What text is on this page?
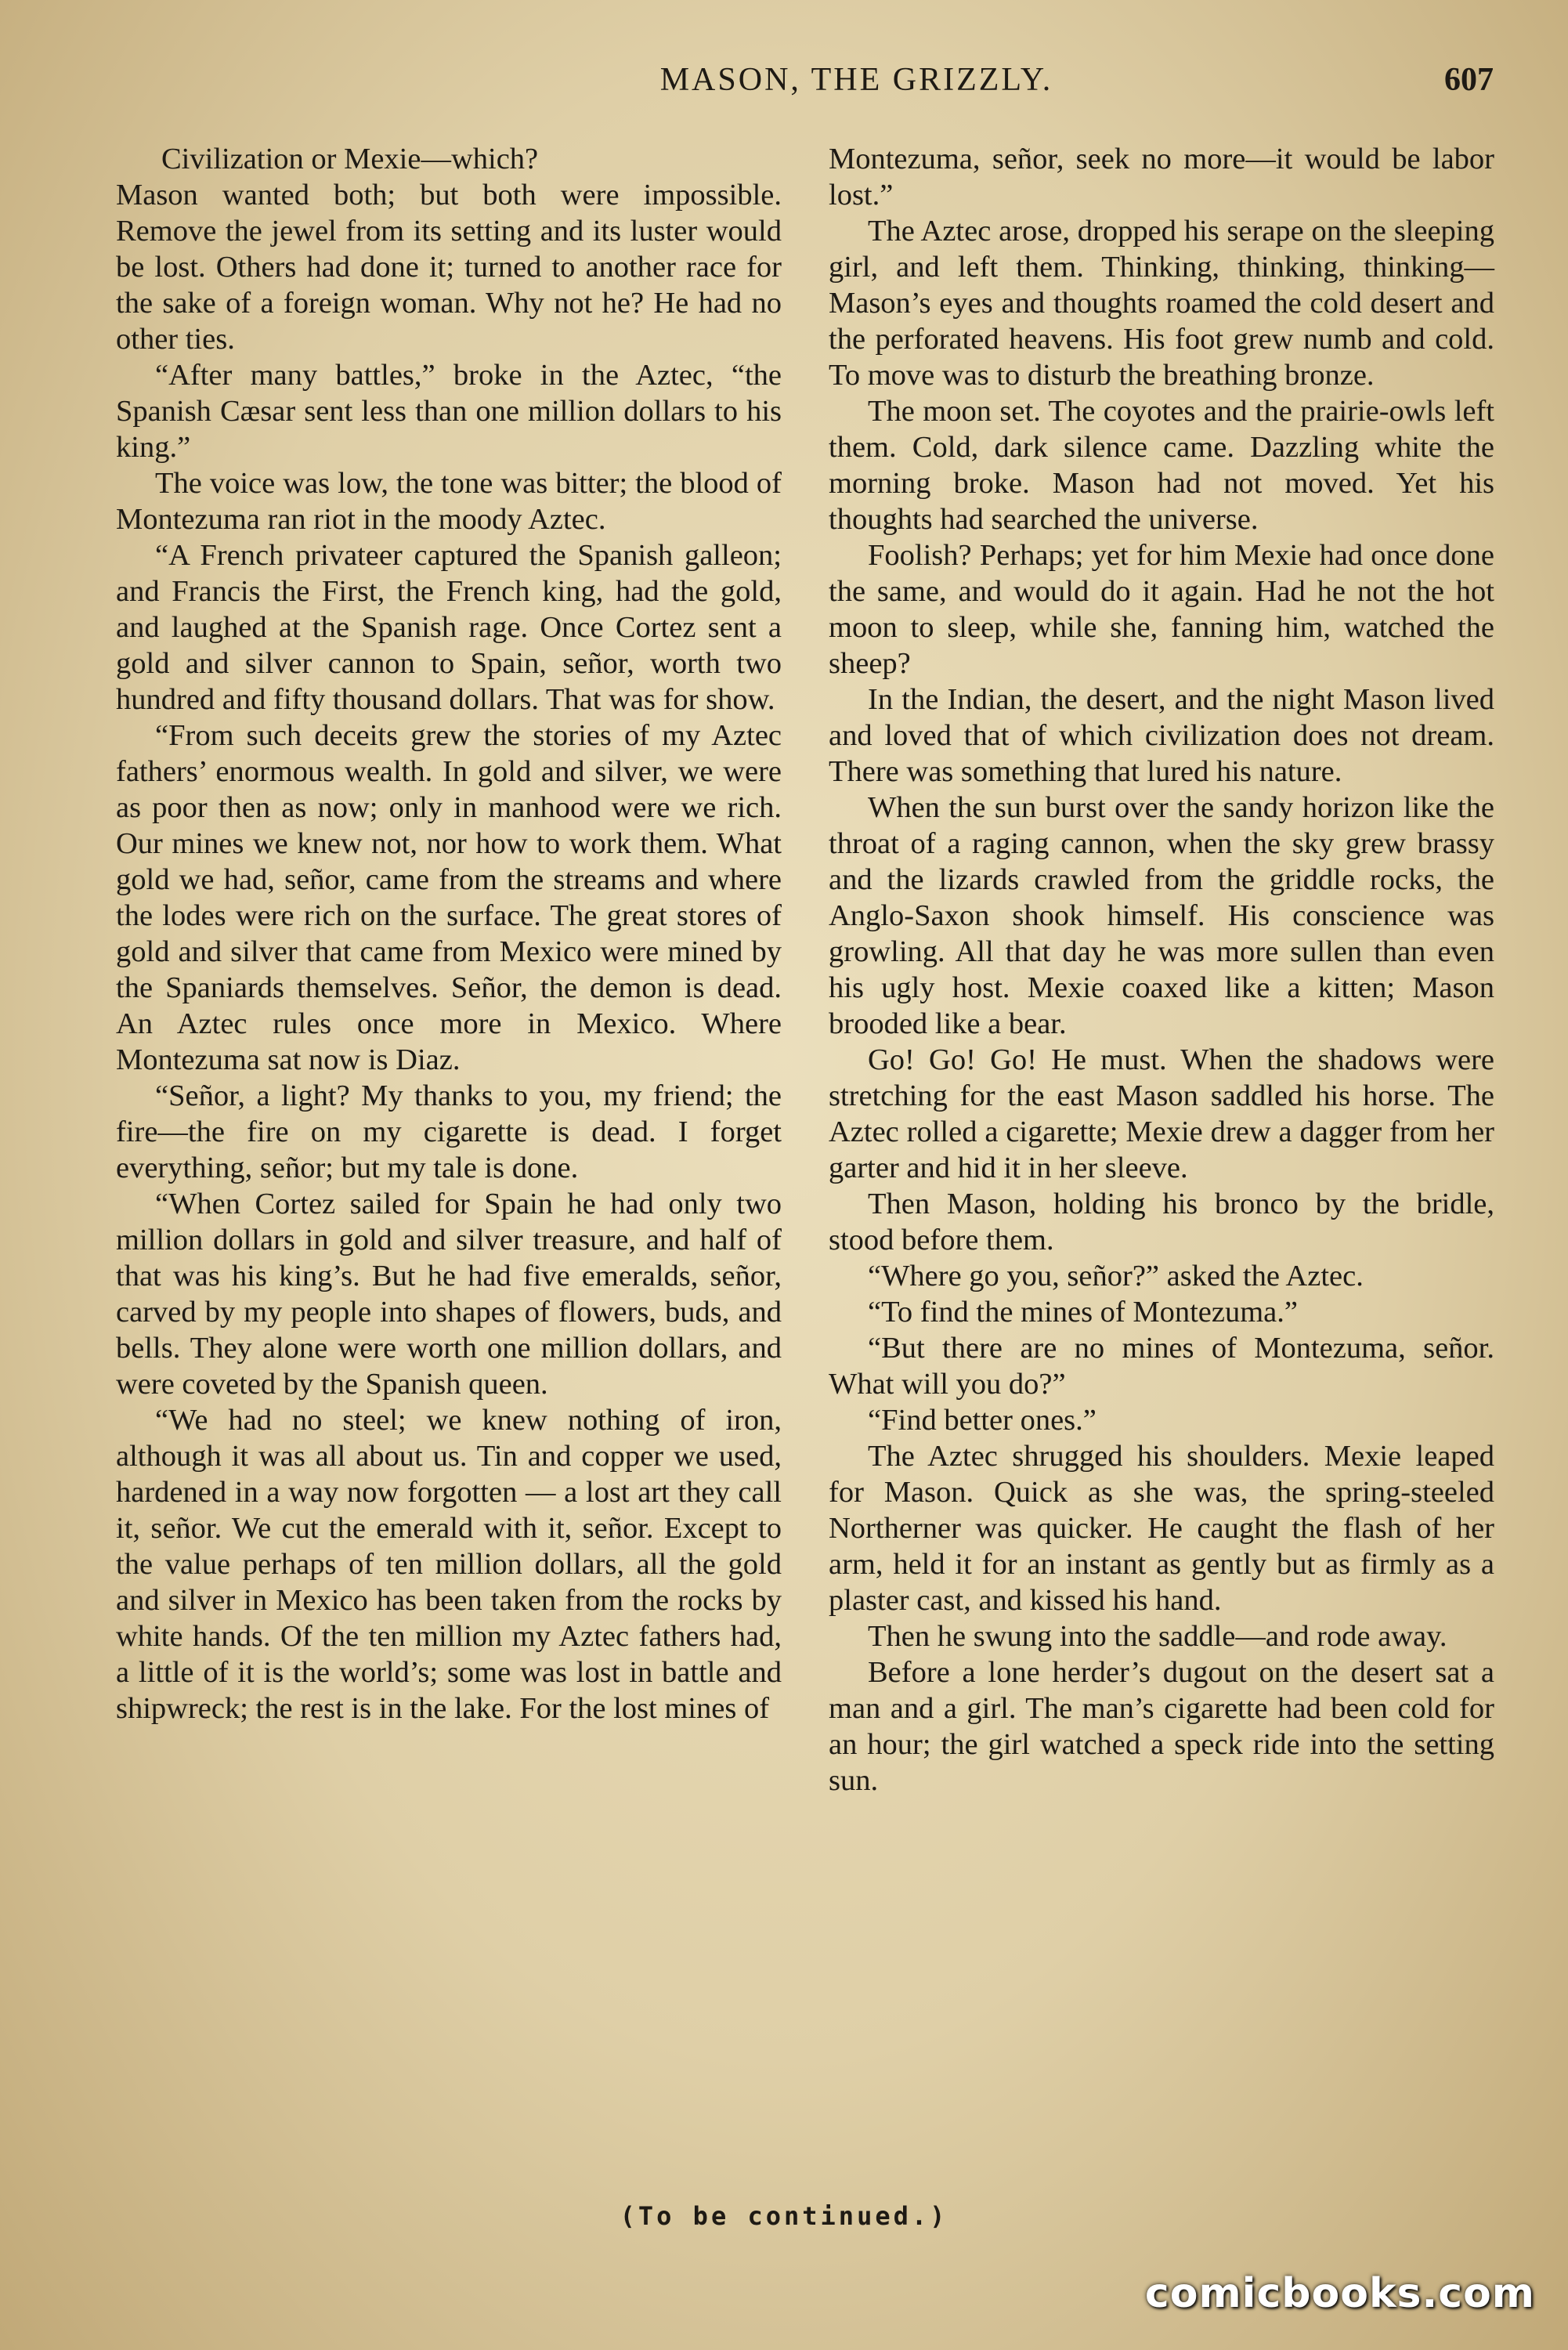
MASON, THE GRIZZLY.	607

Civilization or Mexie—which?

Mason wanted both; but both were impossible. Remove the jewel from its setting and its luster would be lost. Others had done it; turned to another race for the sake of a foreign woman. Why not he? He had no other ties.

“After many battles,” broke in the Aztec, “the Spanish Cæsar sent less than one million dollars to his king.”

The voice was low, the tone was bitter; the blood of Montezuma ran riot in the moody Aztec.

“A French privateer captured the Spanish galleon; and Francis the First, the French king, had the gold, and laughed at the Spanish rage. Once Cortez sent a gold and silver cannon to Spain, señor, worth two hundred and fifty thousand dollars. That was for show.

“From such deceits grew the stories of my Aztec fathers’ enormous wealth. In gold and silver, we were as poor then as now; only in manhood were we rich. Our mines we knew not, nor how to work them. What gold we had, señor, came from the streams and where the lodes were rich on the surface. The great stores of gold and silver that came from Mexico were mined by the Spaniards themselves. Señor, the demon is dead. An Aztec rules once more in Mexico. Where Montezuma sat now is Diaz.

“Señor, a light? My thanks to you, my friend; the fire—the fire on my cigarette is dead. I forget everything, señor; but my tale is done.

“When Cortez sailed for Spain he had only two million dollars in gold and silver treasure, and half of that was his king’s. But he had five emeralds, señor, carved by my people into shapes of flowers, buds, and bells. They alone were worth one million dollars, and were coveted by the Spanish queen.

“We had no steel; we knew nothing of iron, although it was all about us. Tin and copper we used, hardened in a way now forgotten — a lost art they call it, señor. We cut the emerald with it, señor. Except to the value perhaps of ten million dollars, all the gold and silver in Mexico has been taken from the rocks by white hands. Of the ten million my Aztec fathers had, a little of it is the world’s; some was lost in battle and shipwreck; the rest is in the lake. For the lost mines of

Montezuma, señor, seek no more—it would be labor lost.”

The Aztec arose, dropped his serape on the sleeping girl, and left them. Thinking, thinking, thinking—Mason’s eyes and thoughts roamed the cold desert and the perforated heavens. His foot grew numb and cold. To move was to disturb the breathing bronze.

The moon set. The coyotes and the prairie-owls left them. Cold, dark silence came. Dazzling white the morning broke. Mason had not moved. Yet his thoughts had searched the universe.

Foolish? Perhaps; yet for him Mexie had once done the same, and would do it again. Had he not the hot moon to sleep, while she, fanning him, watched the sheep?

In the Indian, the desert, and the night Mason lived and loved that of which civilization does not dream. There was something that lured his nature.

When the sun burst over the sandy horizon like the throat of a raging cannon, when the sky grew brassy and the lizards crawled from the griddle rocks, the Anglo-Saxon shook himself. His conscience was growling. All that day he was more sullen than even his ugly host. Mexie coaxed like a kitten; Mason brooded like a bear.

Go! Go! Go! He must. When the shadows were stretching for the east Mason saddled his horse. The Aztec rolled a cigarette; Mexie drew a dagger from her garter and hid it in her sleeve.

Then Mason, holding his bronco by the bridle, stood before them.

“Where go you, señor?” asked the Aztec.

“To find the mines of Montezuma.”

“But there are no mines of Montezuma, señor. What will you do?”

“Find better ones.”

The Aztec shrugged his shoulders. Mexie leaped for Mason. Quick as she was, the spring-steeled Northerner was quicker. He caught the flash of her arm, held it for an instant as gently but as firmly as a plaster cast, and kissed his hand.

Then he swung into the saddle—and rode away.

Before a lone herder’s dugout on the desert sat a man and a girl. The man’s cigarette had been cold for an hour; the girl watched a speck ride into the setting sun.

(To be continued.)
comicbooks.com
